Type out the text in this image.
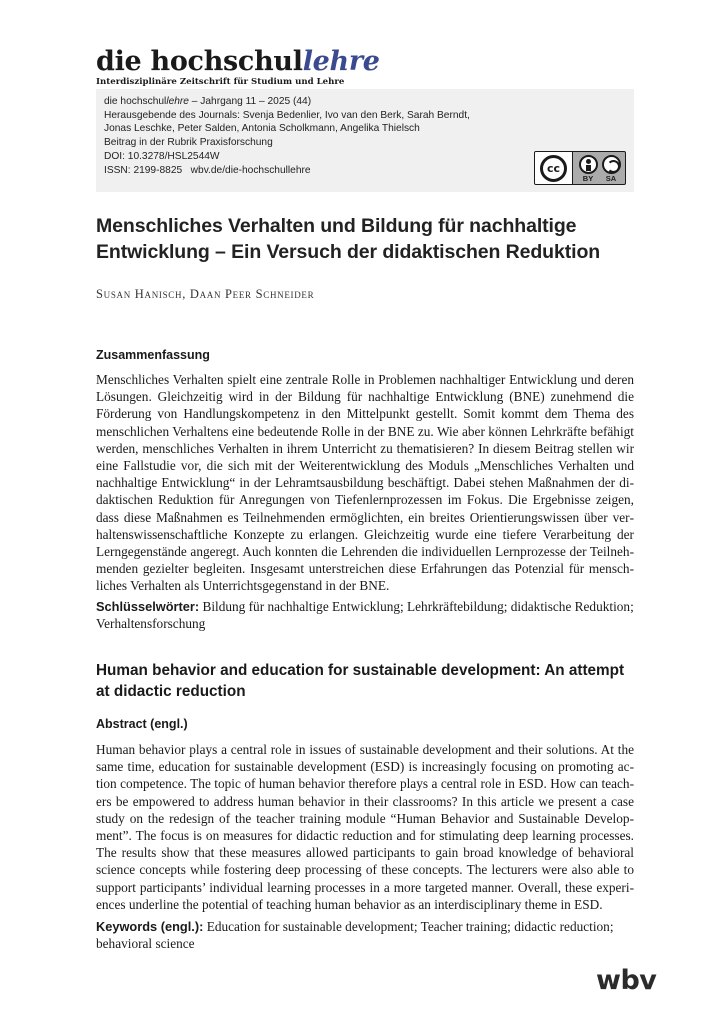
die hochschullehre
Interdisziplinäre Zeitschrift für Studium und Lehre
die hochschullehre – Jahrgang 11 – 2025 (44)
Herausgebende des Journals: Svenja Bedenlier, Ivo van den Berk, Sarah Berndt,
Jonas Leschke, Peter Salden, Antonia Scholkmann, Angelika Thielsch
Beitrag in der Rubrik Praxisforschung
DOI: 10.3278/HSL2544W
ISSN: 2199-8825 wbv.de/die-hochschullehre	cc
BY	SA
Menschliches Verhalten und Bildung für nachhaltige Entwicklung – Ein Versuch der didaktischen Reduktion
Susan Hanisch, Daan Peer Schneider
Zusammenfassung

Menschliches Verhalten spielt eine zentrale Rolle in Problemen nachhaltiger Entwicklung und deren Lösungen. Gleichzeitig wird in der Bildung für nachhaltige Entwicklung (BNE) zunehmend die Förderung von Handlungskompetenz in den Mittelpunkt gestellt. Somit kommt dem Thema des menschlichen Verhaltens eine bedeutende Rolle in der BNE zu. Wie aber können Lehrkräfte befähigt werden, menschliches Verhalten in ihrem Unterricht zu thematisieren? In diesem Beitrag stellen wir eine Fallstudie vor, die sich mit der Weiterentwicklung des Moduls „Menschliches Verhalten und nachhaltige Entwicklung“ in der Lehramtsausbildung beschäftigt. Dabei stehen Maßnahmen der didaktischen Reduktion für Anregungen von Tiefenlernprozessen im Fokus. Die Ergebnisse zeigen, dass diese Maßnahmen es Teilnehmenden ermöglichten, ein breites Orientierungswissen über verhaltenswissenschaftliche Konzepte zu erlangen. Gleichzeitig wurde eine tiefere Verarbeitung der Lerngegenstände angeregt. Auch konnten die Lehrenden die individuellen Lernprozesse der Teilnehmenden gezielter begleiten. Insgesamt unterstreichen diese Erfahrungen das Potenzial für menschliches Verhalten als Unterrichtsgegenstand in der BNE.

Schlüsselwörter: Bildung für nachhaltige Entwicklung; Lehrkräftebildung; didaktische Reduktion; Verhaltensforschung

Human behavior and education for sustainable development: An attempt at didactic reduction
Abstract (engl.)

Human behavior plays a central role in issues of sustainable development and their solutions. At the same time, education for sustainable development (ESD) is increasingly focusing on promoting action competence. The topic of human behavior therefore plays a central role in ESD. How can teachers be empowered to address human behavior in their classrooms? In this article we present a case study on the redesign of the teacher training module “Human Behavior and Sustainable Development”. The focus is on measures for didactic reduction and for stimulating deep learning processes. The results show that these measures allowed participants to gain broad knowledge of behavioral science concepts while fostering deep processing of these concepts. The lecturers were also able to support participants’ individual learning processes in a more targeted manner. Overall, these experiences underline the potential of teaching human behavior as an interdisciplinary theme in ESD.

Keywords (engl.): Education for sustainable development; Teacher training; didactic reduction; behavioral science

wbv
